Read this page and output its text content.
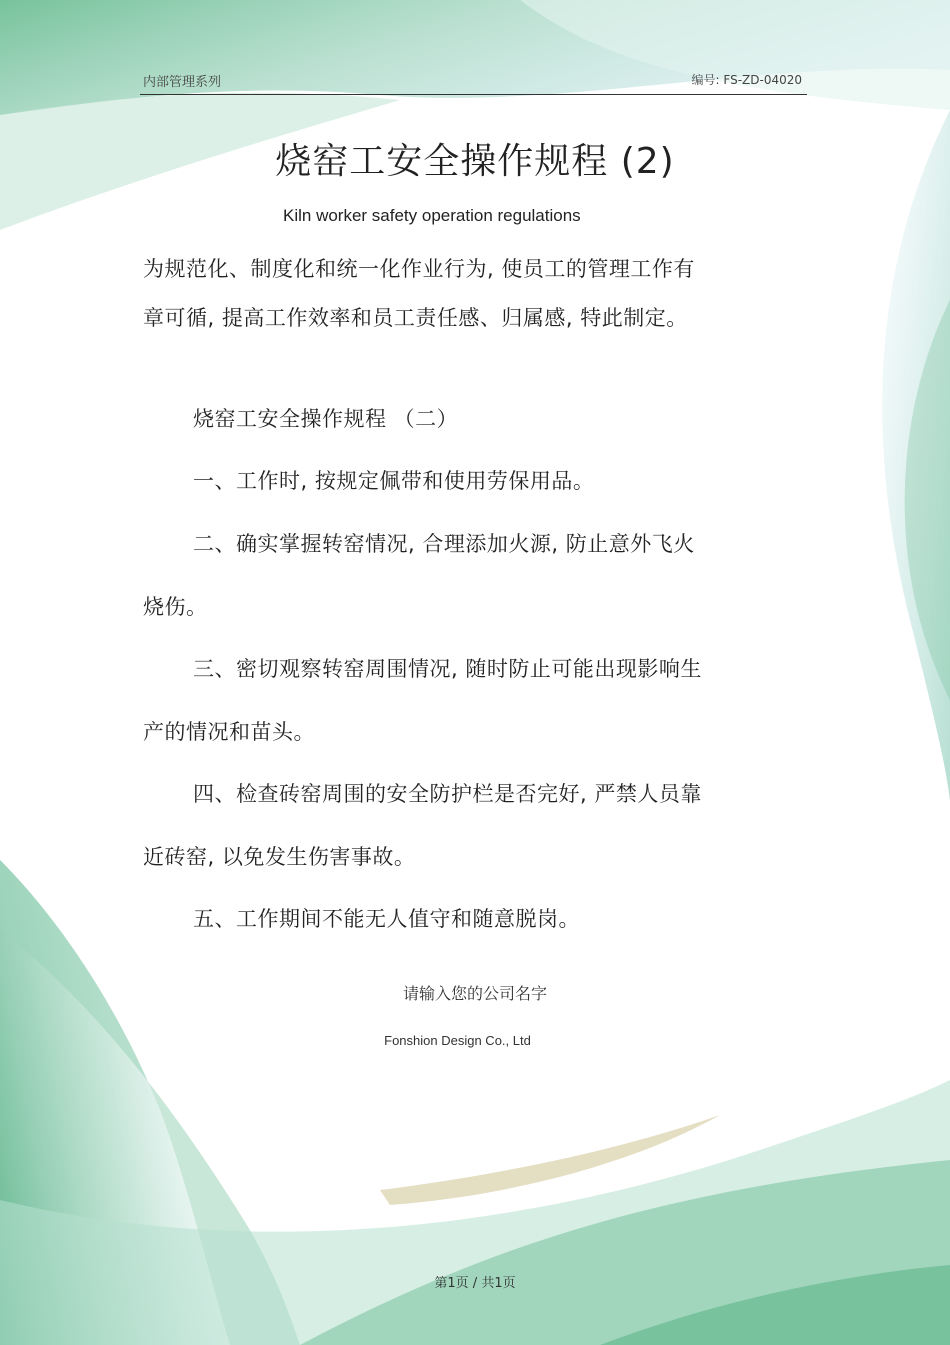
内部管理系列	编号: FS-ZD-04020
烧窑工安全操作规程 (2)
Kiln worker safety operation regulations
为规范化、制度化和统一化作业行为, 使员工的管理工作有
章可循, 提高工作效率和员工责任感、归属感, 特此制定。
烧窑工安全操作规程 （二）
一、工作时, 按规定佩带和使用劳保用品。
二、确实掌握转窑情况, 合理添加火源, 防止意外飞火
烧伤。
三、密切观察转窑周围情况, 随时防止可能出现影响生
产的情况和苗头。
四、检查砖窑周围的安全防护栏是否完好, 严禁人员靠
近砖窑, 以免发生伤害事故。
五、工作期间不能无人值守和随意脱岗。
请输入您的公司名字
Fonshion Design Co., Ltd
第1页 / 共1页
